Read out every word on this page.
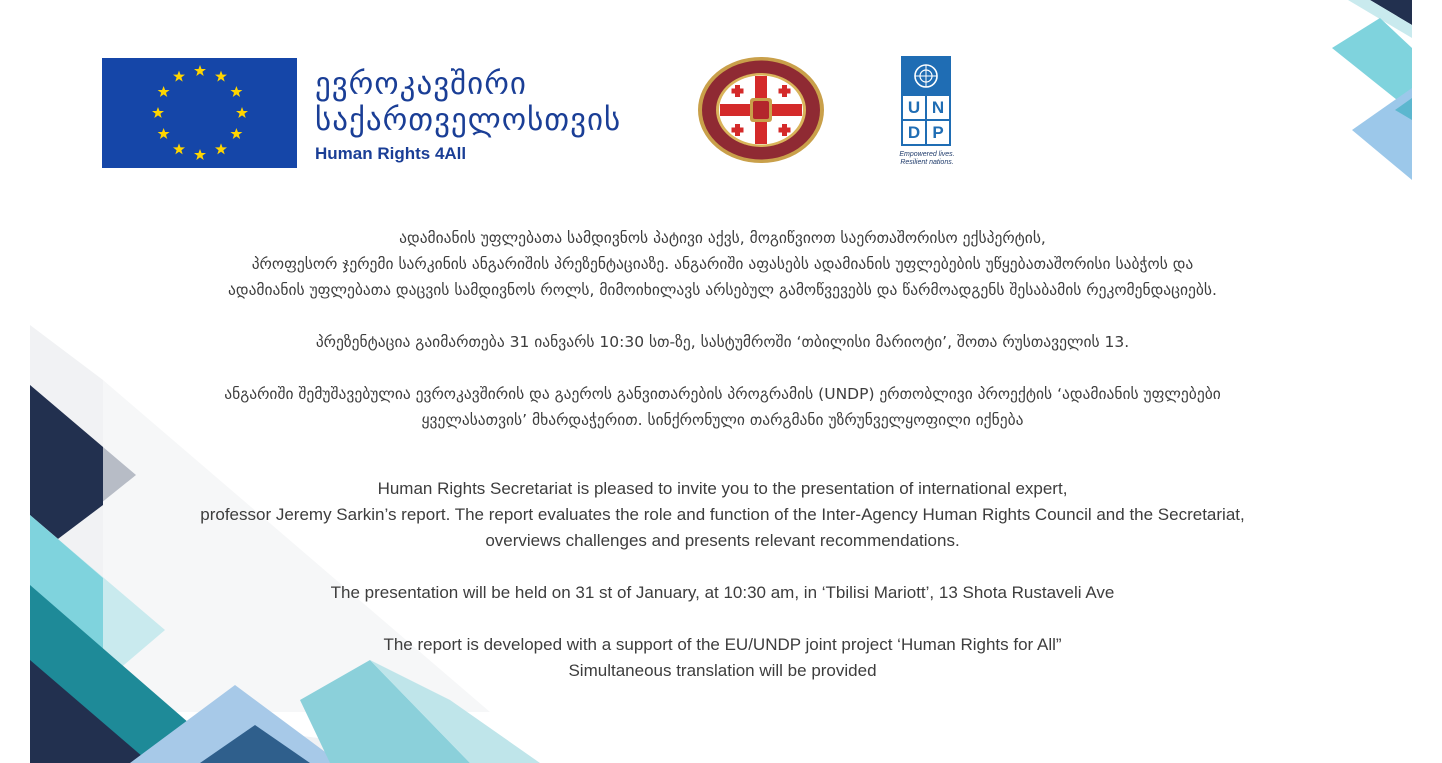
ევროკავშირი
საქართველოსთვის
Human Rights 4All
U N
D P
Empowered lives.
Resilient nations.

ადამიანის უფლებათა სამდივნოს პატივი აქვს, მოგიწვიოთ საერთაშორისო ექსპერტის,
პროფესორ ჯერემი სარკინის ანგარიშის პრეზენტაციაზე. ანგარიში აფასებს ადამიანის უფლებების უწყებათაშორისი საბჭოს და
ადამიანის უფლებათა დაცვის სამდივნოს როლს, მიმოიხილავს არსებულ გამოწვევებს და წარმოადგენს შესაბამის რეკომენდაციებს.

პრეზენტაცია გაიმართება 31 იანვარს 10:30 სთ-ზე, სასტუმროში ‘თბილისი მარიოტი’, შოთა რუსთაველის 13.

ანგარიში შემუშავებულია ევროკავშირის და გაეროს განვითარების პროგრამის (UNDP) ერთობლივი პროექტის ‘ადამიანის უფლებები
ყველასათვის’ მხარდაჭერით. სინქრონული თარგმანი უზრუნველყოფილი იქნება

Human Rights Secretariat is pleased to invite you to the presentation of international expert,
professor Jeremy Sarkin’s report. The report evaluates the role and function of the Inter-Agency Human Rights Council and the Secretariat,
overviews challenges and presents relevant recommendations.

The presentation will be held on 31 st of January, at 10:30 am, in ‘Tbilisi Mariott’, 13 Shota Rustaveli Ave

The report is developed with a support of the EU/UNDP joint project ‘Human Rights for All”
Simultaneous translation will be provided
